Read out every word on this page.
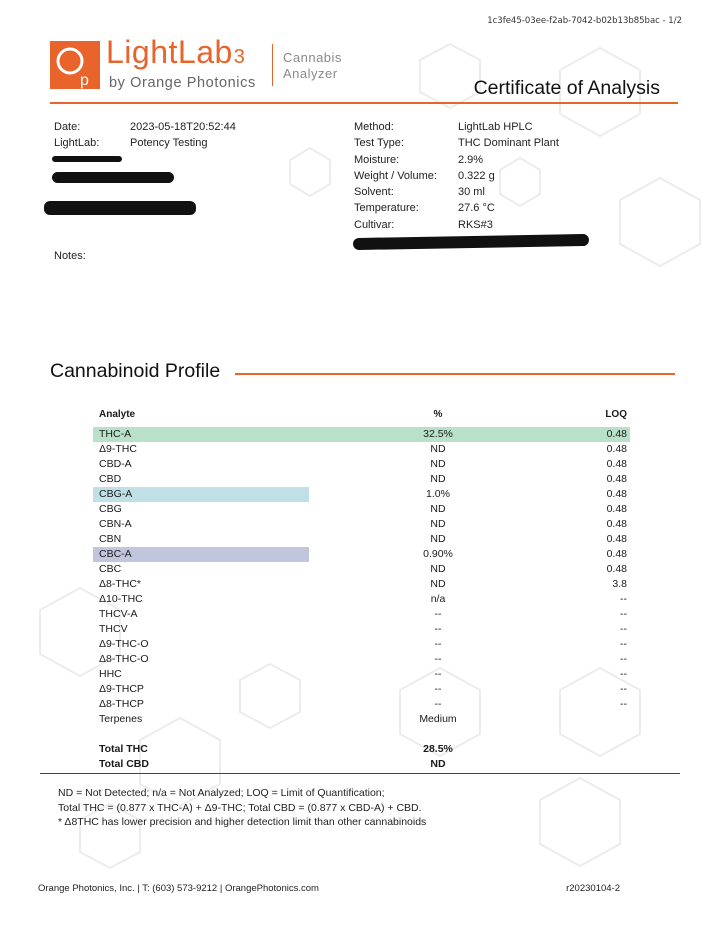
1c3fe45-03ee-f2ab-7042-b02b13b85bac - 1/2
p
LightLab3
by Orange Photonics
Cannabis
Analyzer
Certificate of Analysis
Date:	2023-05-18T20:52:44
LightLab:	Potency Testing
Notes:
Method:	LightLab HPLC
Test Type:	THC Dominant Plant
Moisture:	2.9%
Weight / Volume: 0.322 g
Solvent:	30 ml
Temperature:	27.6 °C
Cultivar:	RKS#3
Cannabinoid Profile
Analyte	%	LOQ
THC-A	32.5%	0.48
Δ9-THC	ND	0.48
CBD-A	ND	0.48
CBD	ND	0.48
CBG-A	1.0%	0.48
CBG	ND	0.48
CBN-A	ND	0.48
CBN	ND	0.48
CBC-A	0.90%	0.48
CBC	ND	0.48
Δ8-THC*	ND	3.8
Δ10-THC	n/a	--
THCV-A	--	--
THCV	--	--
Δ9-THC-O	--	--
Δ8-THC-O	--	--
HHC	--	--
Δ9-THCP	--	--
Δ8-THCP	--	--
Terpenes	Medium	

Total THC	28.5%	
Total CBD	ND	
ND = Not Detected; n/a = Not Analyzed; LOQ = Limit of Quantification;
Total THC = (0.877 x THC-A) + Δ9-THC; Total CBD = (0.877 x CBD-A) + CBD.
* Δ8THC has lower precision and higher detection limit than other cannabinoids
Orange Photonics, Inc. | T: (603) 573-9212 | OrangePhotonics.com	r20230104-2
